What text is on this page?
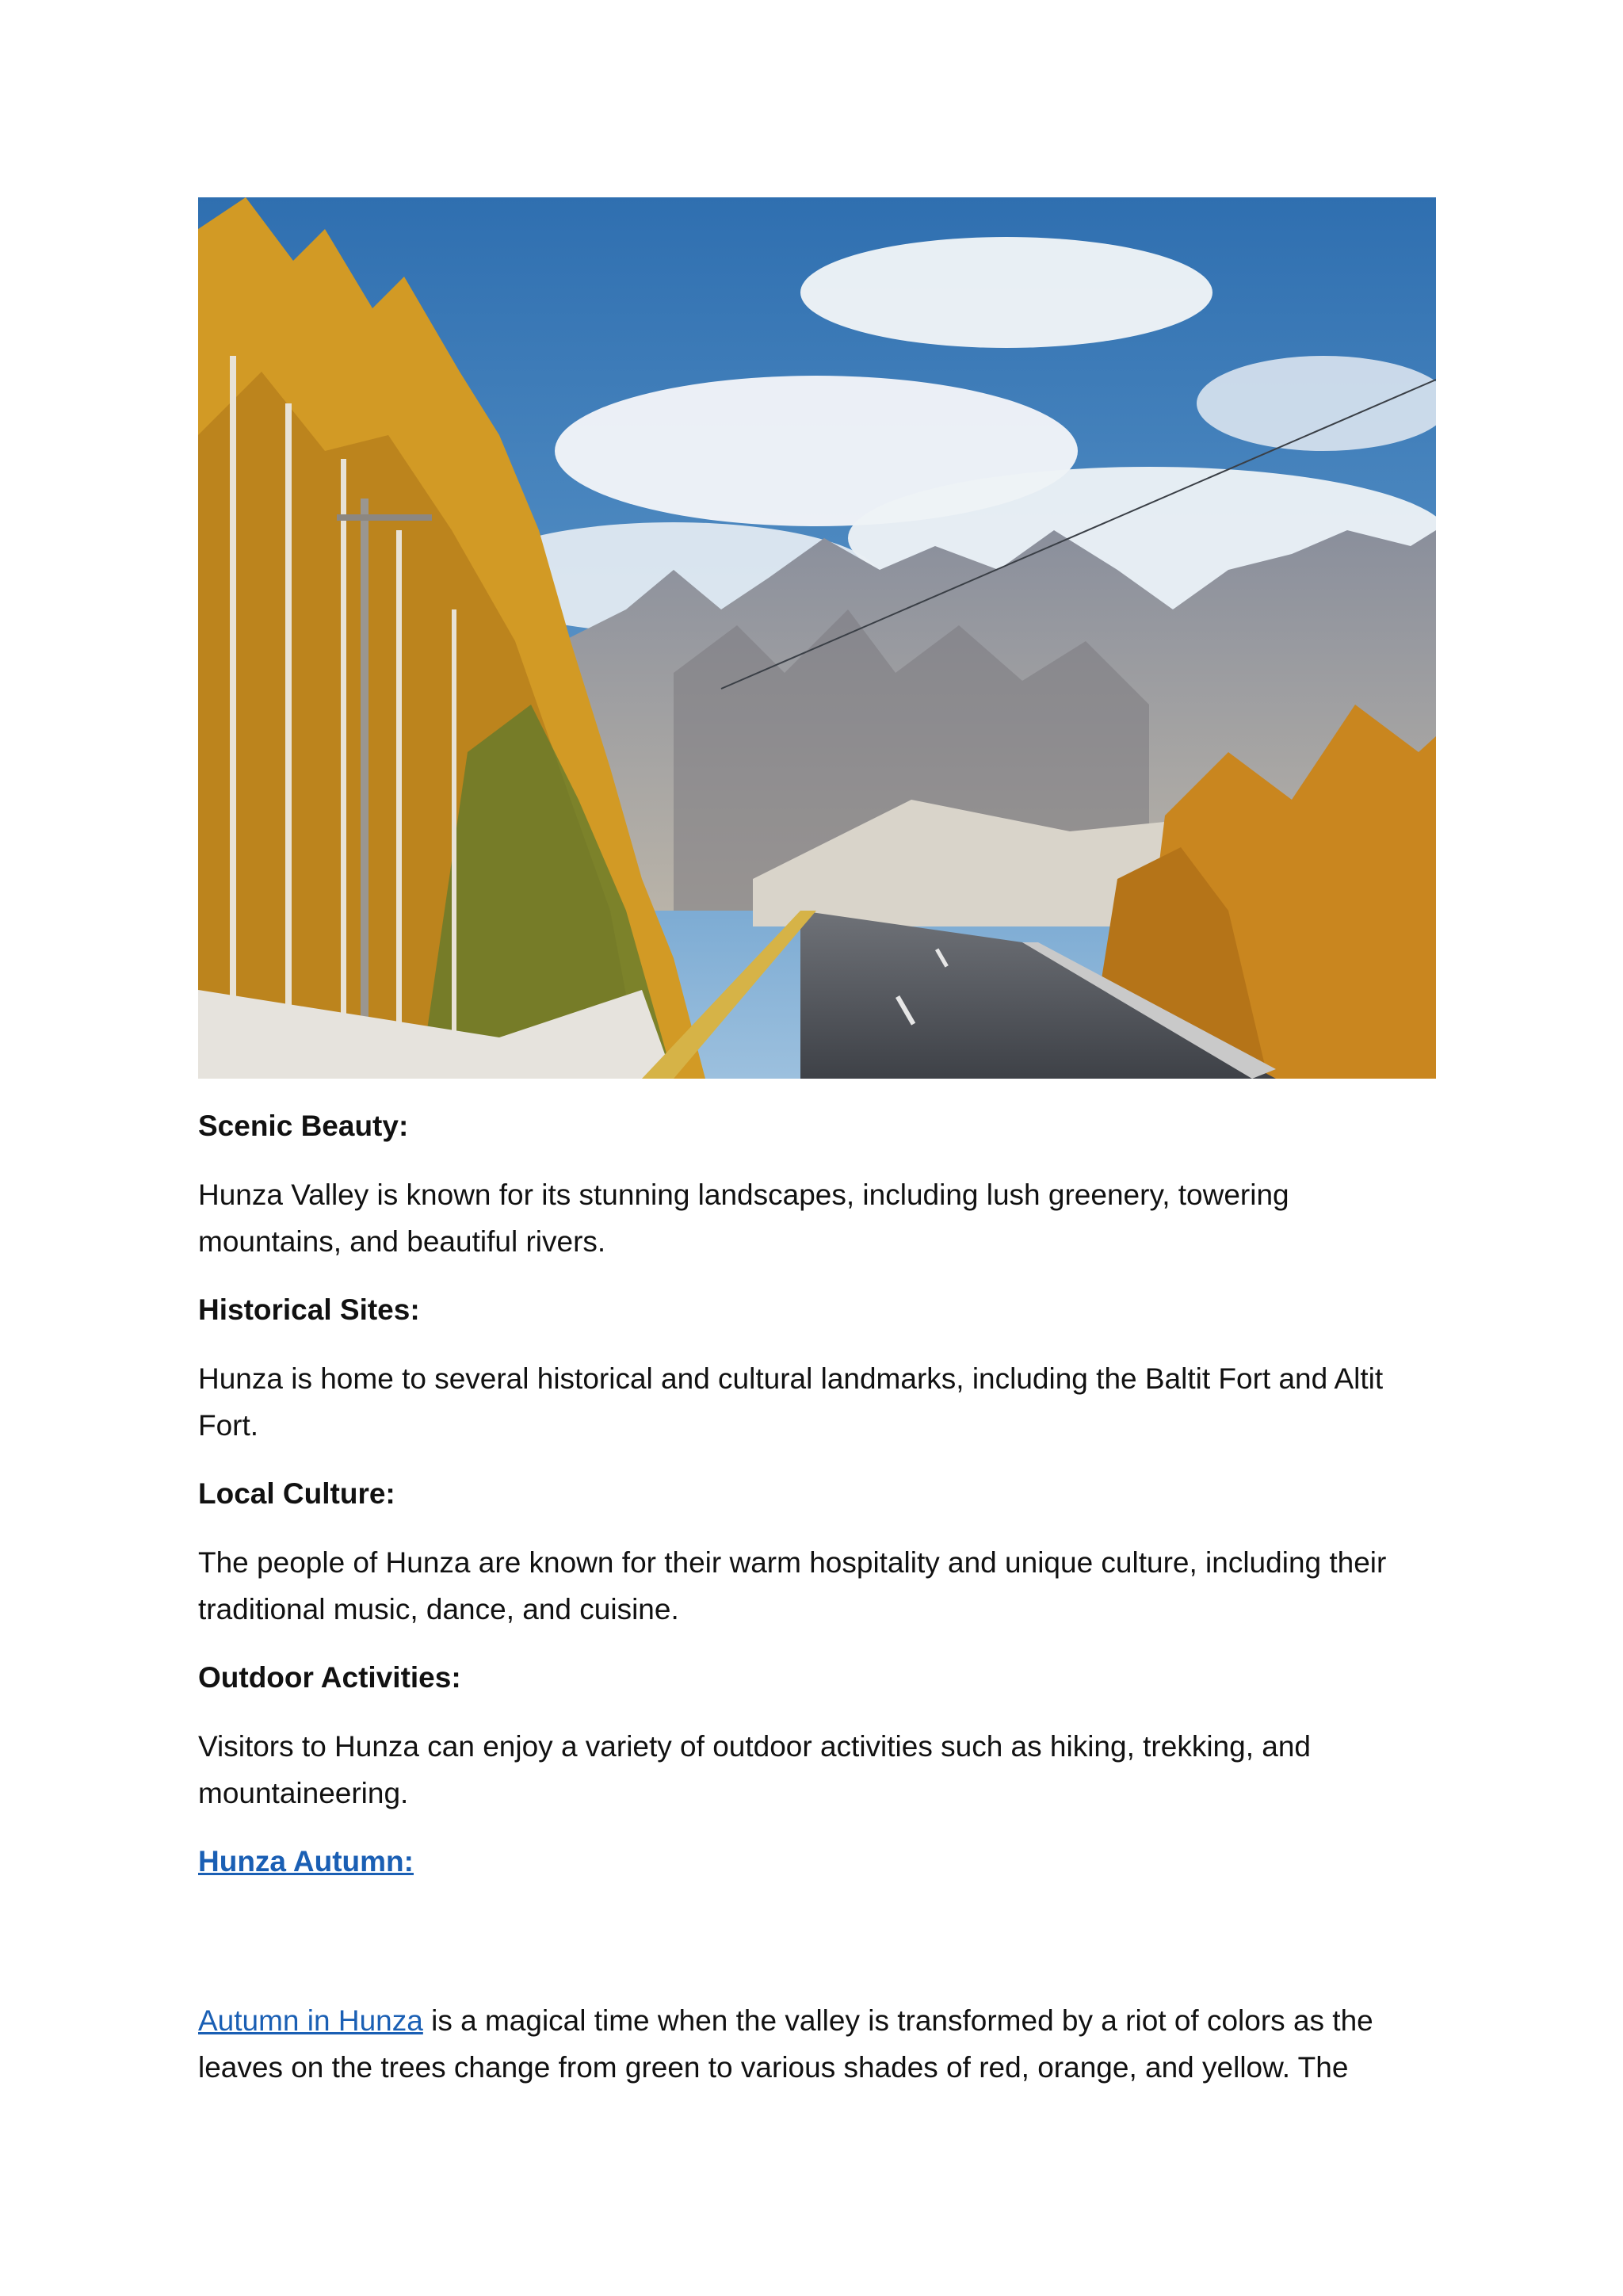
Scenic Beauty:
Hunza Valley is known for its stunning landscapes, including lush greenery, towering mountains, and beautiful rivers.
Historical Sites:
Hunza is home to several historical and cultural landmarks, including the Baltit Fort and Altit Fort.
Local Culture:
The people of Hunza are known for their warm hospitality and unique culture, including their traditional music, dance, and cuisine.
Outdoor Activities:
Visitors to Hunza can enjoy a variety of outdoor activities such as hiking, trekking, and mountaineering.
Hunza Autumn:
Autumn in Hunza is a magical time when the valley is transformed by a riot of colors as the leaves on the trees change from green to various shades of red, orange, and yellow. The
